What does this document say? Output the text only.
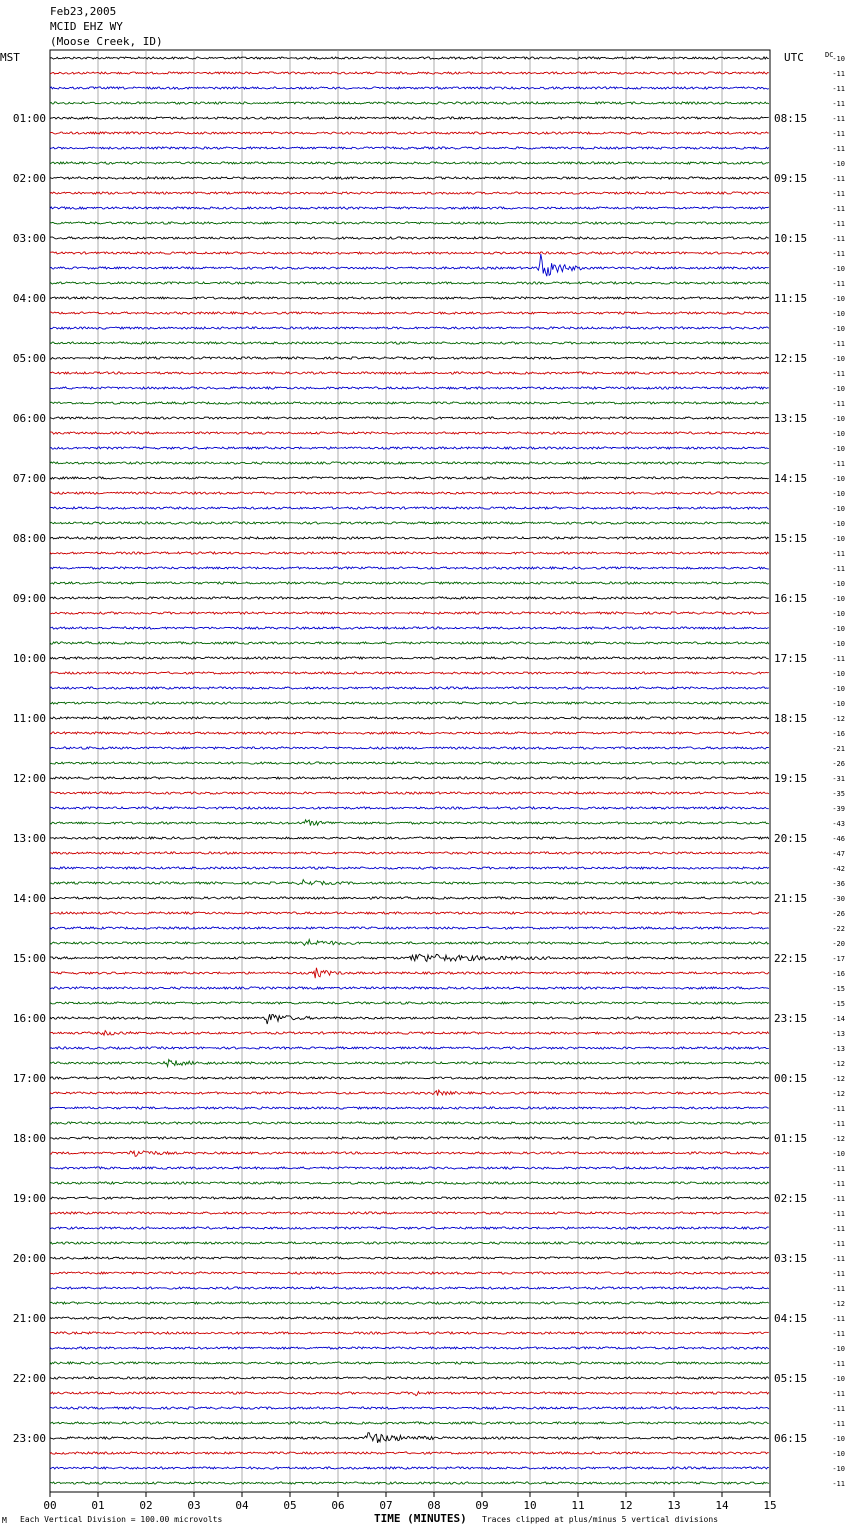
Feb23,2005
MCID EHZ WY
(Moose Creek, ID)
MST	UTC	DC
01:00
02:00
03:00
04:00
05:00
06:00
07:00
08:00
09:00
10:00
11:00
12:00
13:00
14:00
15:00
16:00
17:00
18:00
19:00
20:00
21:00
22:00
23:00
08:15
09:15
10:15
11:15
12:15
13:15
14:15
15:15
16:15
17:15
18:15
19:15
20:15
21:15
22:15
23:15
00:15
01:15
02:15
03:15
04:15
05:15
06:15
-10
-11
-11
-11
-11
-11
-11
-10
-11
-11
-11
-11
-11
-11
-10
-11
-10
-10
-10
-11
-10
-11
-10
-11
-10
-10
-10
-11
-10
-10
-10
-10
-10
-11
-11
-10
-10
-10
-10
-10
-11
-10
-10
-10
-12
-16
-21
-26
-31
-35
-39
-43
-46
-47
-42
-36
-30
-26
-22
-20
-17
-16
-15
-15
-14
-13
-13
-12
-12
-12
-11
-11
-12
-10
-11
-11
-11
-11
-11
-11
-11
-11
-11
-12
-11
-11
-10
-11
-10
-11
-11
-11
-10
-10
-10
-11
00	01	02	03	04	05	06	07	08	09	10	11	12	13	14	15
M Each Vertical Division = 100.00 microvolts	TIME (MINUTES) Traces clipped at plus/minus 5 vertical divisions
